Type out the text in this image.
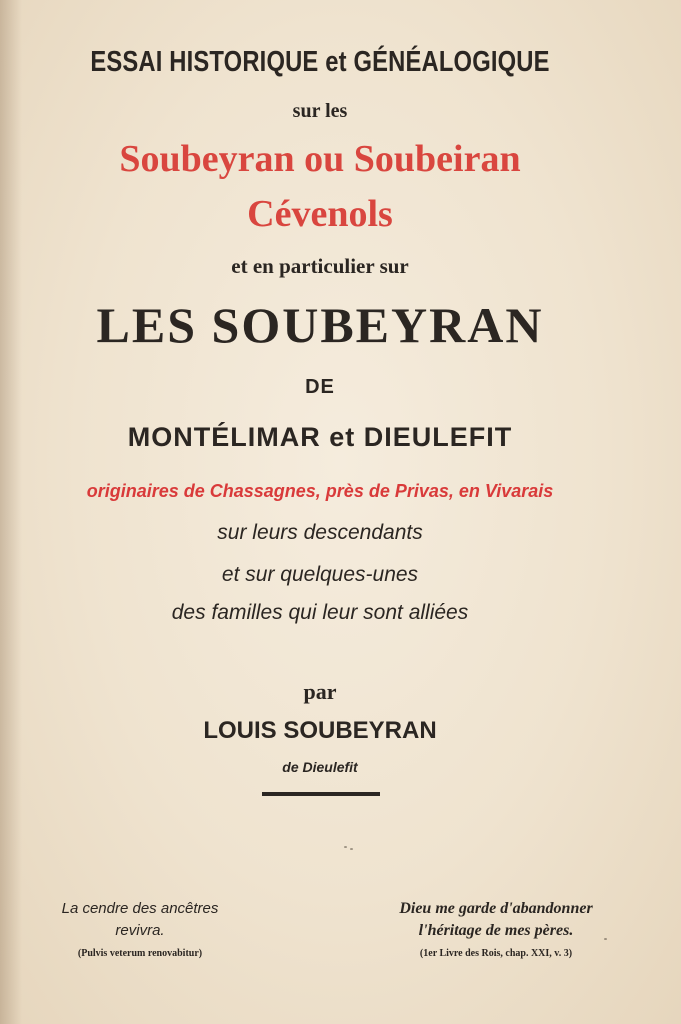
ESSAI HISTORIQUE et GÉNÉALOGIQUE
sur les
Soubeyran ou Soubeiran
Cévenols
et en particulier sur
LES SOUBEYRAN
DE
MONTÉLIMAR et DIEULEFIT
originaires de Chassagnes, près de Privas, en Vivarais
sur leurs descendants
et sur quelques-unes
des familles qui leur sont alliées
par
LOUIS SOUBEYRAN
de Dieulefit
La cendre des ancêtres
revivra.
(Pulvis veterum renovabitur)
Dieu me garde d'abandonner
l'héritage de mes pères.
(1er Livre des Rois, chap. XXI, v. 3)
